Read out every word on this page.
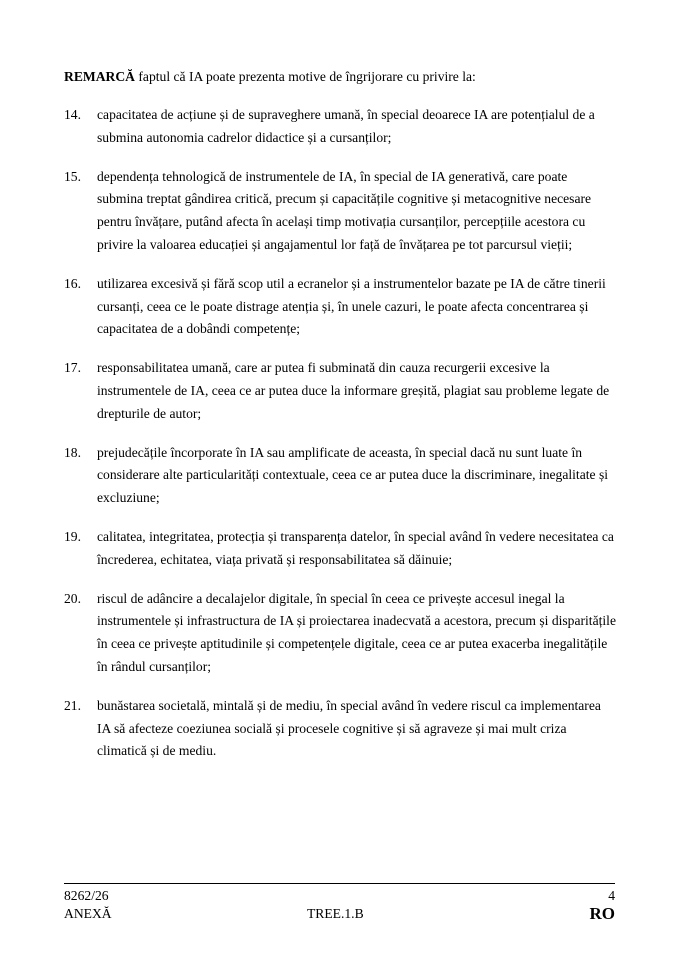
REMARCĂ faptul că IA poate prezenta motive de îngrijorare cu privire la:
14.	capacitatea de acțiune și de supraveghere umană, în special deoarece IA are potențialul de a submina autonomia cadrelor didactice și a cursanților;
15.	dependența tehnologică de instrumentele de IA, în special de IA generativă, care poate submina treptat gândirea critică, precum și capacitățile cognitive și metacognitive necesare pentru învățare, putând afecta în același timp motivația cursanților, percepțiile acestora cu privire la valoarea educației și angajamentul lor față de învățarea pe tot parcursul vieții;
16.	utilizarea excesivă și fără scop util a ecranelor și a instrumentelor bazate pe IA de către tinerii cursanți, ceea ce le poate distrage atenția și, în unele cazuri, le poate afecta concentrarea și capacitatea de a dobândi competențe;
17.	responsabilitatea umană, care ar putea fi subminată din cauza recurgerii excesive la instrumentele de IA, ceea ce ar putea duce la informare greșită, plagiat sau probleme legate de drepturile de autor;
18.	prejudecățile încorporate în IA sau amplificate de aceasta, în special dacă nu sunt luate în considerare alte particularități contextuale, ceea ce ar putea duce la discriminare, inegalitate și excluziune;
19.	calitatea, integritatea, protecția și transparența datelor, în special având în vedere necesitatea ca încrederea, echitatea, viața privată și responsabilitatea să dăinuie;
20.	riscul de adâncire a decalajelor digitale, în special în ceea ce privește accesul inegal la instrumentele și infrastructura de IA și proiectarea inadecvată a acestora, precum și disparitățile în ceea ce privește aptitudinile și competențele digitale, ceea ce ar putea exacerba inegalitățile în rândul cursanților;
21.	bunăstarea societală, mintală și de mediu, în special având în vedere riscul ca implementarea IA să afecteze coeziunea socială și procesele cognitive și să agraveze și mai mult criza climatică și de mediu.
8262/26
ANEXĂ	TREE.1.B
4
RO
